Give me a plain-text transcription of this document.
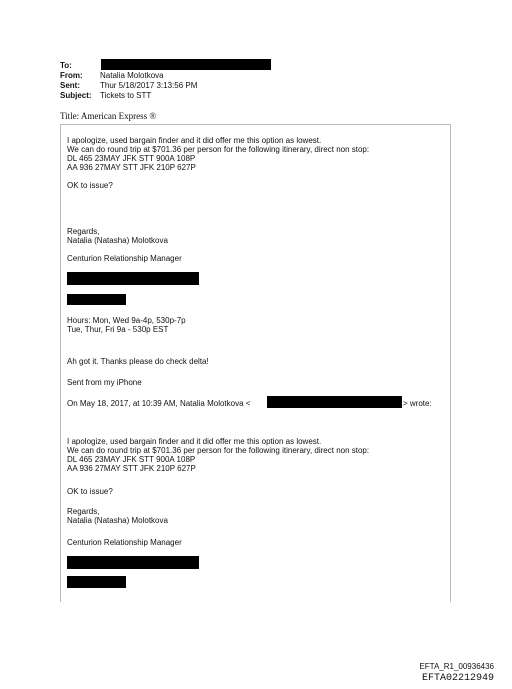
To:
From: Natalia Molotkova
Sent:	Thur 5/18/2017 3:13:56 PM
Subject: Tickets to STT
Title: American Express ®
I apologize, used bargain finder and it did offer me this option as lowest.
We can do round trip at $701.36 per person for the following itinerary, direct non stop:
DL 465 23MAY JFK STT 900A 108P
AA 936 27MAY STT JFK 210P 627P
OK to issue?
Regards,
Natalia (Natasha) Molotkova
Centurion Relationship Manager
Hours: Mon, Wed 9a-4p, 530p-7p
Tue, Thur, Fri 9a - 530p EST
Ah got it. Thanks please do check delta!
Sent from my iPhone
On May 18, 2017, at 10:39 AM, Natalia Molotkova <	> wrote:
I apologize, used bargain finder and it did offer me this option as lowest.
We can do round trip at $701.36 per person for the following itinerary, direct non stop:
DL 465 23MAY JFK STT 900A 108P
AA 936 27MAY STT JFK 210P 627P
OK to issue?
Regards,
Natalia (Natasha) Molotkova
Centurion Relationship Manager
EFTA_R1_00936436
EFTA02212949
